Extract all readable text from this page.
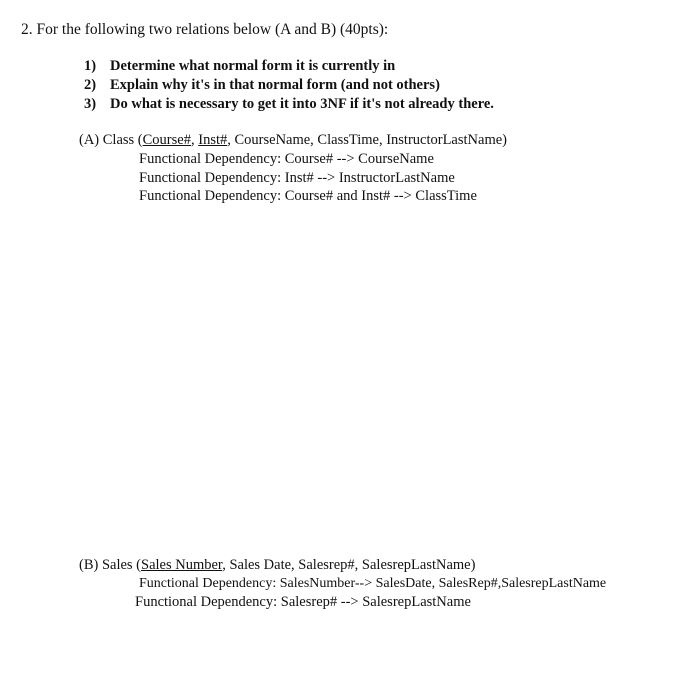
2. For the following two relations below (A and B) (40pts):
1) Determine what normal form it is currently in
2) Explain why it's in that normal form (and not others)
3) Do what is necessary to get it into 3NF if it's not already there.
(A) Class (Course#, Inst#, CourseName, ClassTime, InstructorLastName)
Functional Dependency: Course# --> CourseName
Functional Dependency: Inst# --> InstructorLastName
Functional Dependency: Course# and Inst# --> ClassTime
(B) Sales (Sales Number, Sales Date, Salesrep#, SalesrepLastName)
Functional Dependency: SalesNumber--> SalesDate, SalesRep#,SalesrepLastName
Functional Dependency: Salesrep# --> SalesrepLastName
